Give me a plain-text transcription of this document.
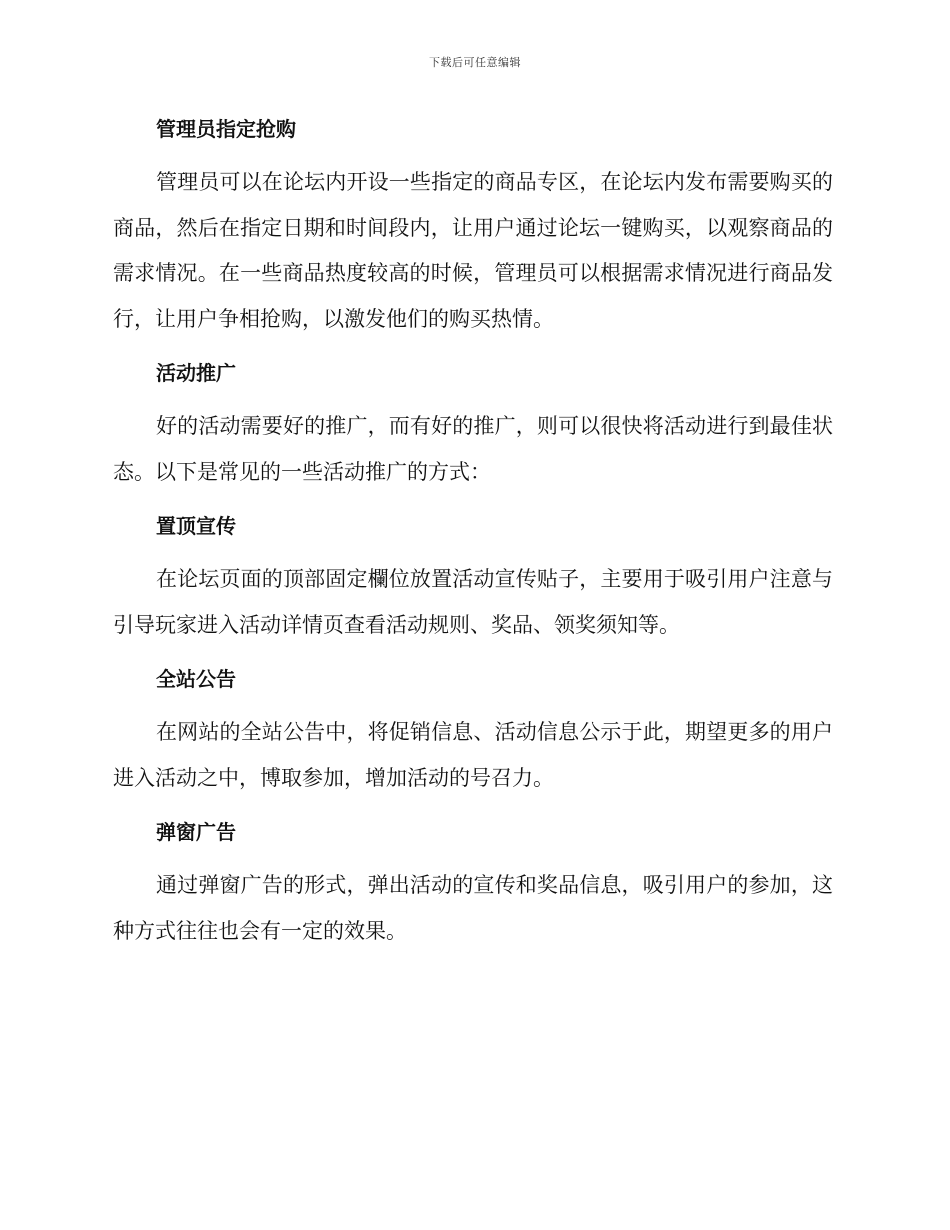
下载后可任意编辑
管理员指定抢购

管理员可以在论坛内开设一些指定的商品专区，在论坛内发布需要购买的商品，然后在指定日期和时间段内，让用户通过论坛一键购买，以观察商品的需求情况。在一些商品热度较高的时候，管理员可以根据需求情况进行商品发行，让用户争相抢购，以激发他们的购买热情。

活动推广

好的活动需要好的推广，而有好的推广，则可以很快将活动进行到最佳状态。以下是常见的一些活动推广的方式：

置顶宣传

在论坛页面的顶部固定欄位放置活动宣传贴子，主要用于吸引用户注意与引导玩家进入活动详情页查看活动规则、奖品、领奖须知等。

全站公告

在网站的全站公告中，将促销信息、活动信息公示于此，期望更多的用户进入活动之中，博取参加，增加活动的号召力。

弹窗广告

通过弹窗广告的形式，弹出活动的宣传和奖品信息，吸引用户的参加，这种方式往往也会有一定的效果。
